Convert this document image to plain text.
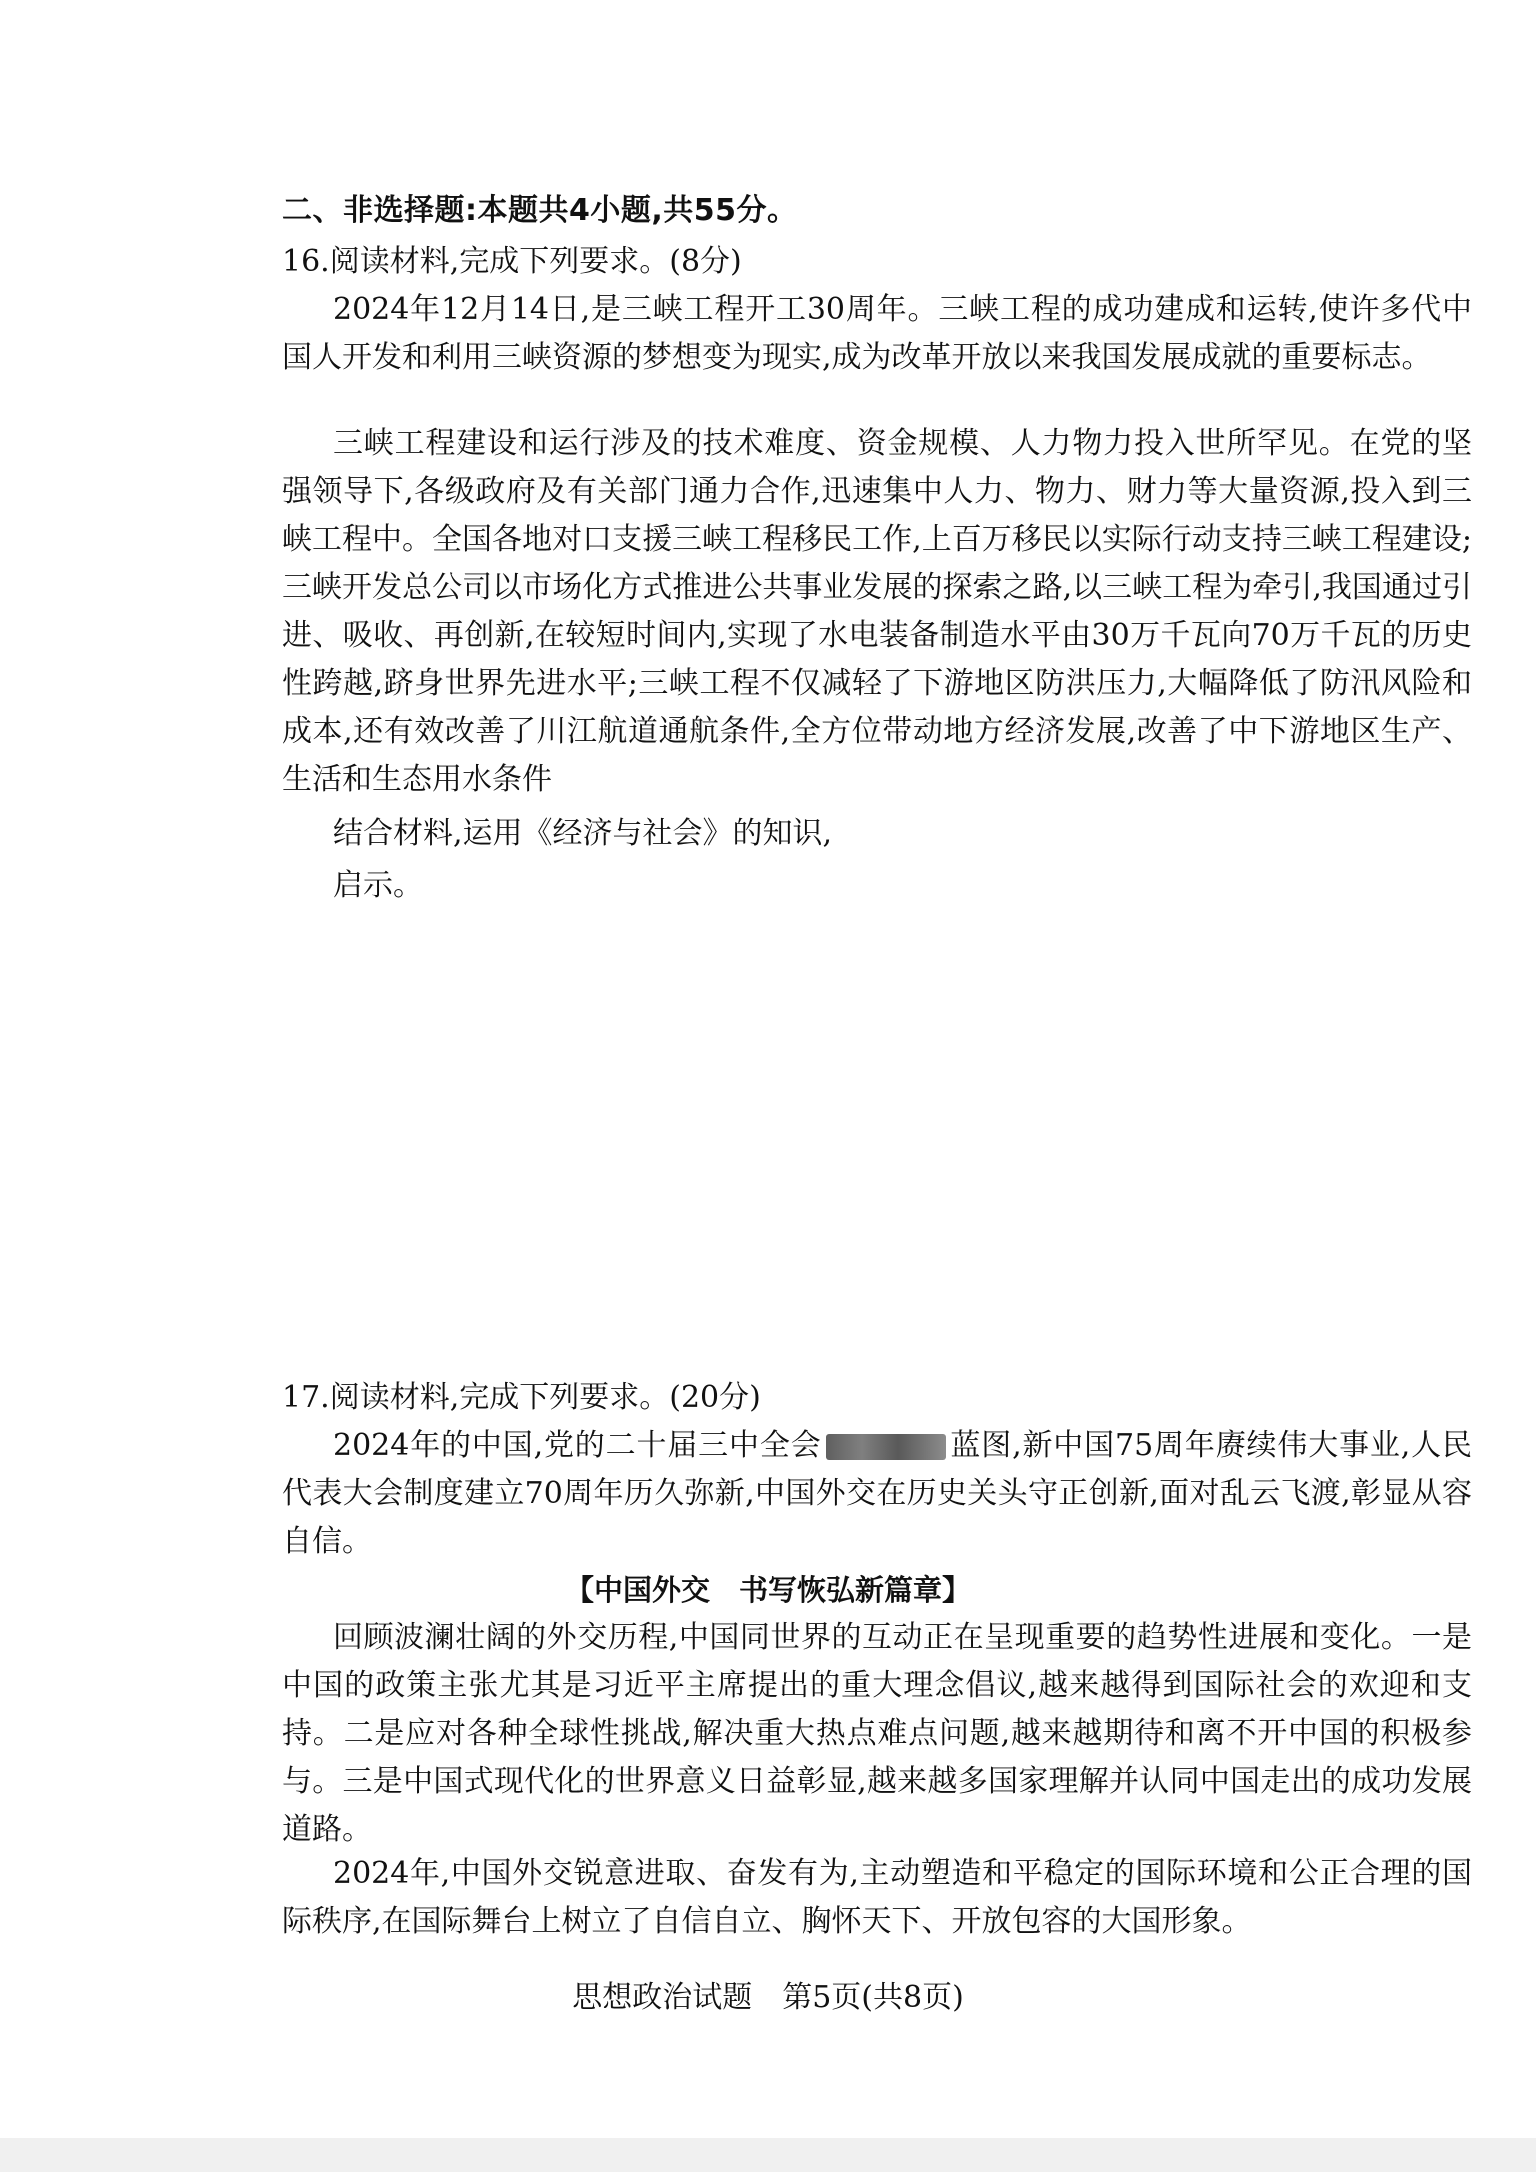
二、非选择题:本题共4小题,共55分。
16.阅读材料,完成下列要求。(8分)
2024年12月14日,是三峡工程开工30周年。三峡工程的成功建成和运转,使许多代中国人开发和利用三峡资源的梦想变为现实,成为改革开放以来我国发展成就的重要标志。
三峡工程建设和运行涉及的技术难度、资金规模、人力物力投入世所罕见。在党的坚强领导下,各级政府及有关部门通力合作,迅速集中人力、物力、财力等大量资源,投入到三峡工程中。全国各地对口支援三峡工程移民工作,上百万移民以实际行动支持三峡工程建设;三峡开发总公司以市场化方式推进公共事业发展的探索之路,以三峡工程为牵引,我国通过引进、吸收、再创新,在较短时间内,实现了水电装备制造水平由30万千瓦向70万千瓦的历史性跨越,跻身世界先进水平;三峡工程不仅减轻了下游地区防洪压力,大幅降低了防汛风险和成本,还有效改善了川江航道通航条件,全方位带动地方经济发展,改善了中下游地区生产、生活和生态用水条件
结合材料,运用《经济与社会》的知识,
启示。
17.阅读材料,完成下列要求。(20分)
2024年的中国,党的二十届三中全会	蓝图,新中国75周年赓续伟大事业,人民代表大会制度建立70周年历久弥新,中国外交在历史关头守正创新,面对乱云飞渡,彰显从容自信。
【中国外交　书写恢弘新篇章】
回顾波澜壮阔的外交历程,中国同世界的互动正在呈现重要的趋势性进展和变化。一是中国的政策主张尤其是习近平主席提出的重大理念倡议,越来越得到国际社会的欢迎和支持。二是应对各种全球性挑战,解决重大热点难点问题,越来越期待和离不开中国的积极参与。三是中国式现代化的世界意义日益彰显,越来越多国家理解并认同中国走出的成功发展道路。
2024年,中国外交锐意进取、奋发有为,主动塑造和平稳定的国际环境和公正合理的国际秩序,在国际舞台上树立了自信自立、胸怀天下、开放包容的大国形象。
思想政治试题　第5页(共8页)
